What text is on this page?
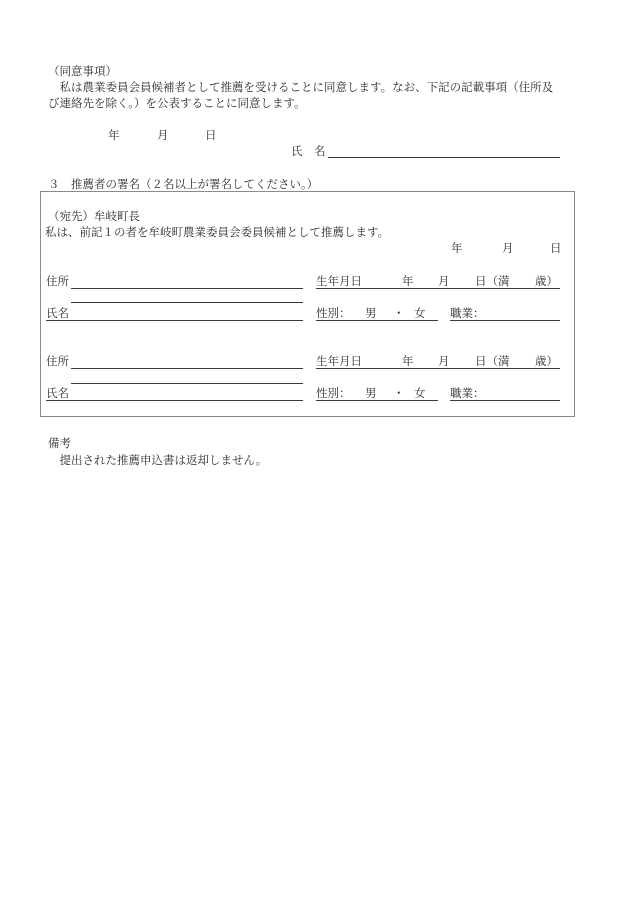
（同意事項）
　私は農業委員会員候補者として推薦を受けることに同意します。なお、下記の記載事項（住所及
び連絡先を除く。）を公表することに同意します。
年	月	日
氏　名
３　推薦者の署名（２名以上が署名してください。）
（宛先）牟岐町長
私は、前記１の者を牟岐町農業委員会委員候補として推薦します。
年	月	日
住所
氏名
生年月日	年 月 日（満 歳）
性別： 男 ・ 女 職業：
住所
氏名
生年月日	年 月 日（満 歳）
性別： 男 ・ 女 職業：
備考
　提出された推薦申込書は返却しません。
